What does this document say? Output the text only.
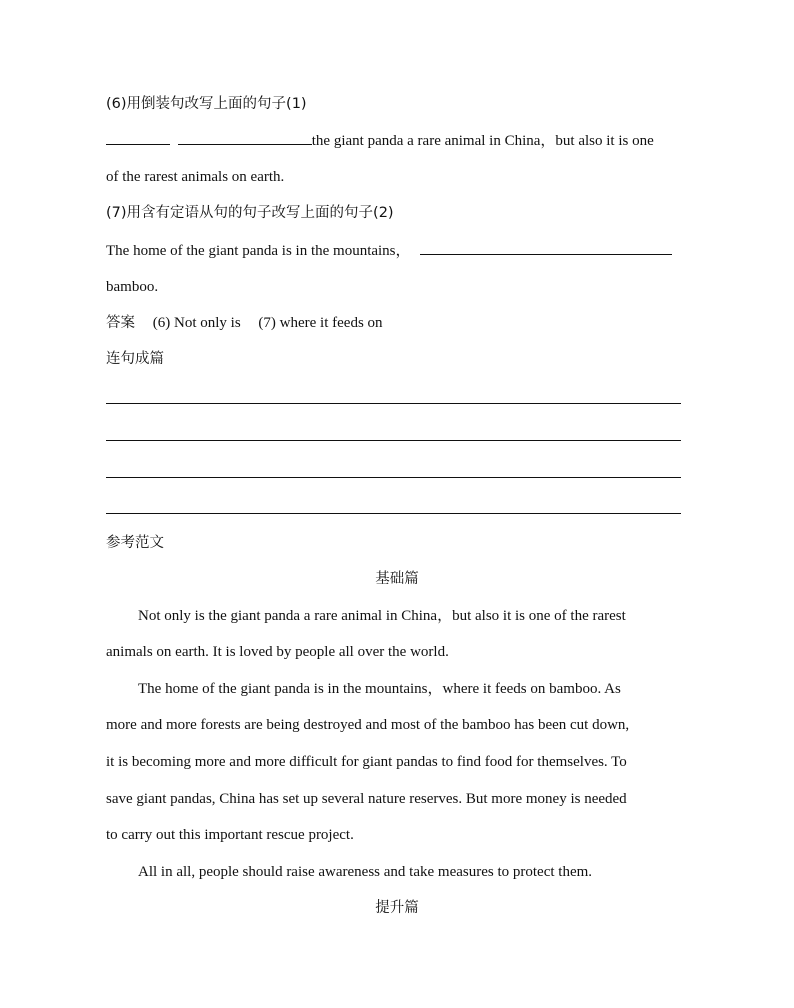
(6)用倒装句改写上面的句子(1)
the giant panda a rare animal in China，but also it is one
of the rarest animals on earth.
(7)用含有定语从句的句子改写上面的句子(2)
The home of the giant panda is in the mountains，
bamboo.
答案 (6) Not only is (7) where it feeds on
连句成篇
参考范文
基础篇
Not only is the giant panda a rare animal in China，but also it is one of the rarest
animals on earth. It is loved by people all over the world.
The home of the giant panda is in the mountains，where it feeds on bamboo. As
more and more forests are being destroyed and most of the bamboo has been cut down,
it is becoming more and more difficult for giant pandas to find food for themselves. To
save giant pandas, China has set up several nature reserves. But more money is needed
to carry out this important rescue project.
All in all, people should raise awareness and take measures to protect them.
提升篇
